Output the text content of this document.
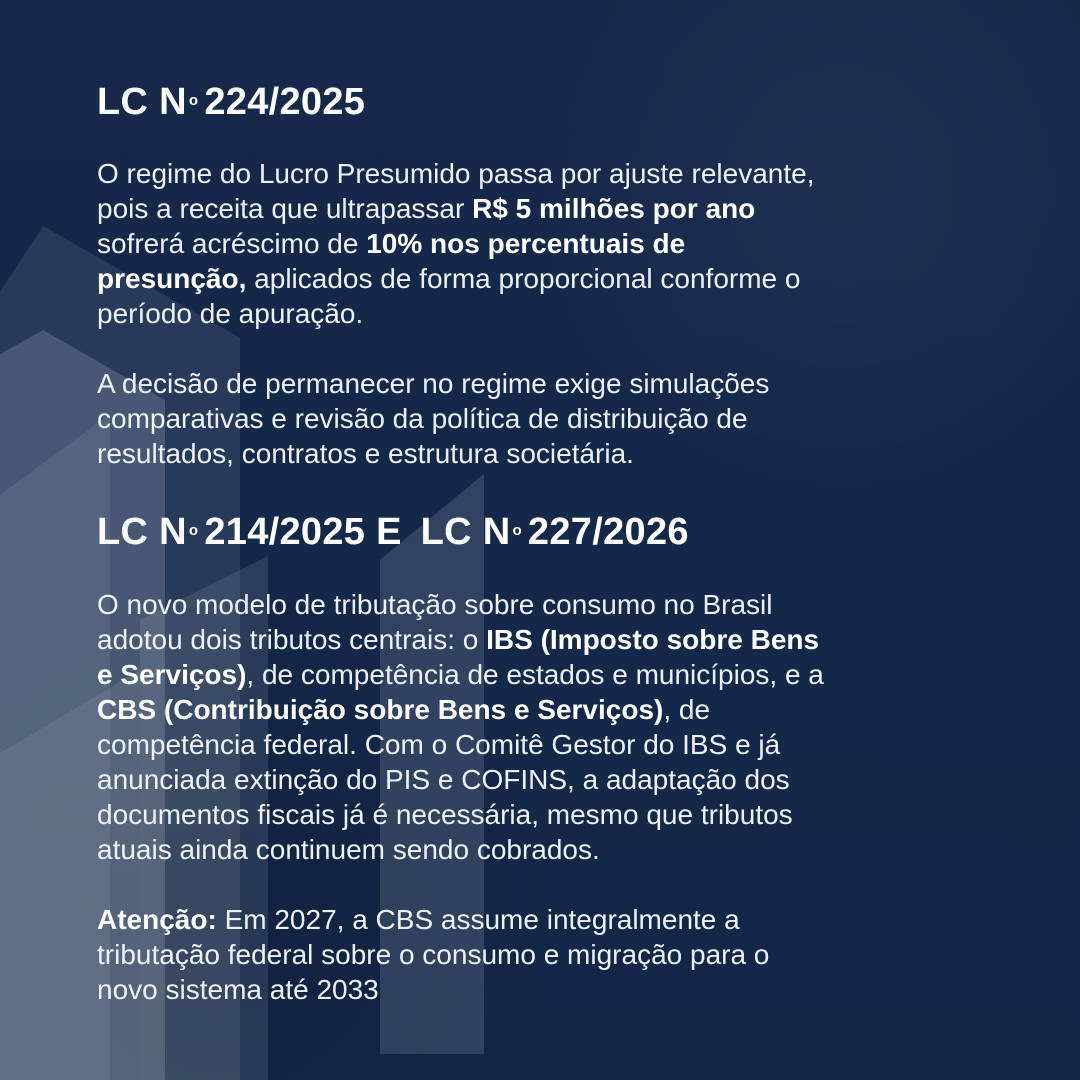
LC N $^o$ 224/2025

O regime do Lucro Presumido passa por ajuste relevante,
pois a receita que ultrapassar R$ 5 milhões por ano
sofrerá acréscimo de 10% nos percentuais de
presunção, aplicados de forma proporcional conforme o
período de apuração.

A decisão de permanecer no regime exige simulações
comparativas e revisão da política de distribuição de
resultados, contratos e estrutura societária.

LC N $^o$ 214/2025 E LC N $^o$ 227/2026

O novo modelo de tributação sobre consumo no Brasil
adotou dois tributos centrais: o IBS (Imposto sobre Bens
e Serviços), de competência de estados e municípios, e a
CBS (Contribuição sobre Bens e Serviços), de
competência federal. Com o Comitê Gestor do IBS e já
anunciada extinção do PIS e COFINS, a adaptação dos
documentos fiscais já é necessária, mesmo que tributos
atuais ainda continuem sendo cobrados.

Atenção: Em 2027, a CBS assume integralmente a
tributação federal sobre o consumo e migração para o
novo sistema até 2033
